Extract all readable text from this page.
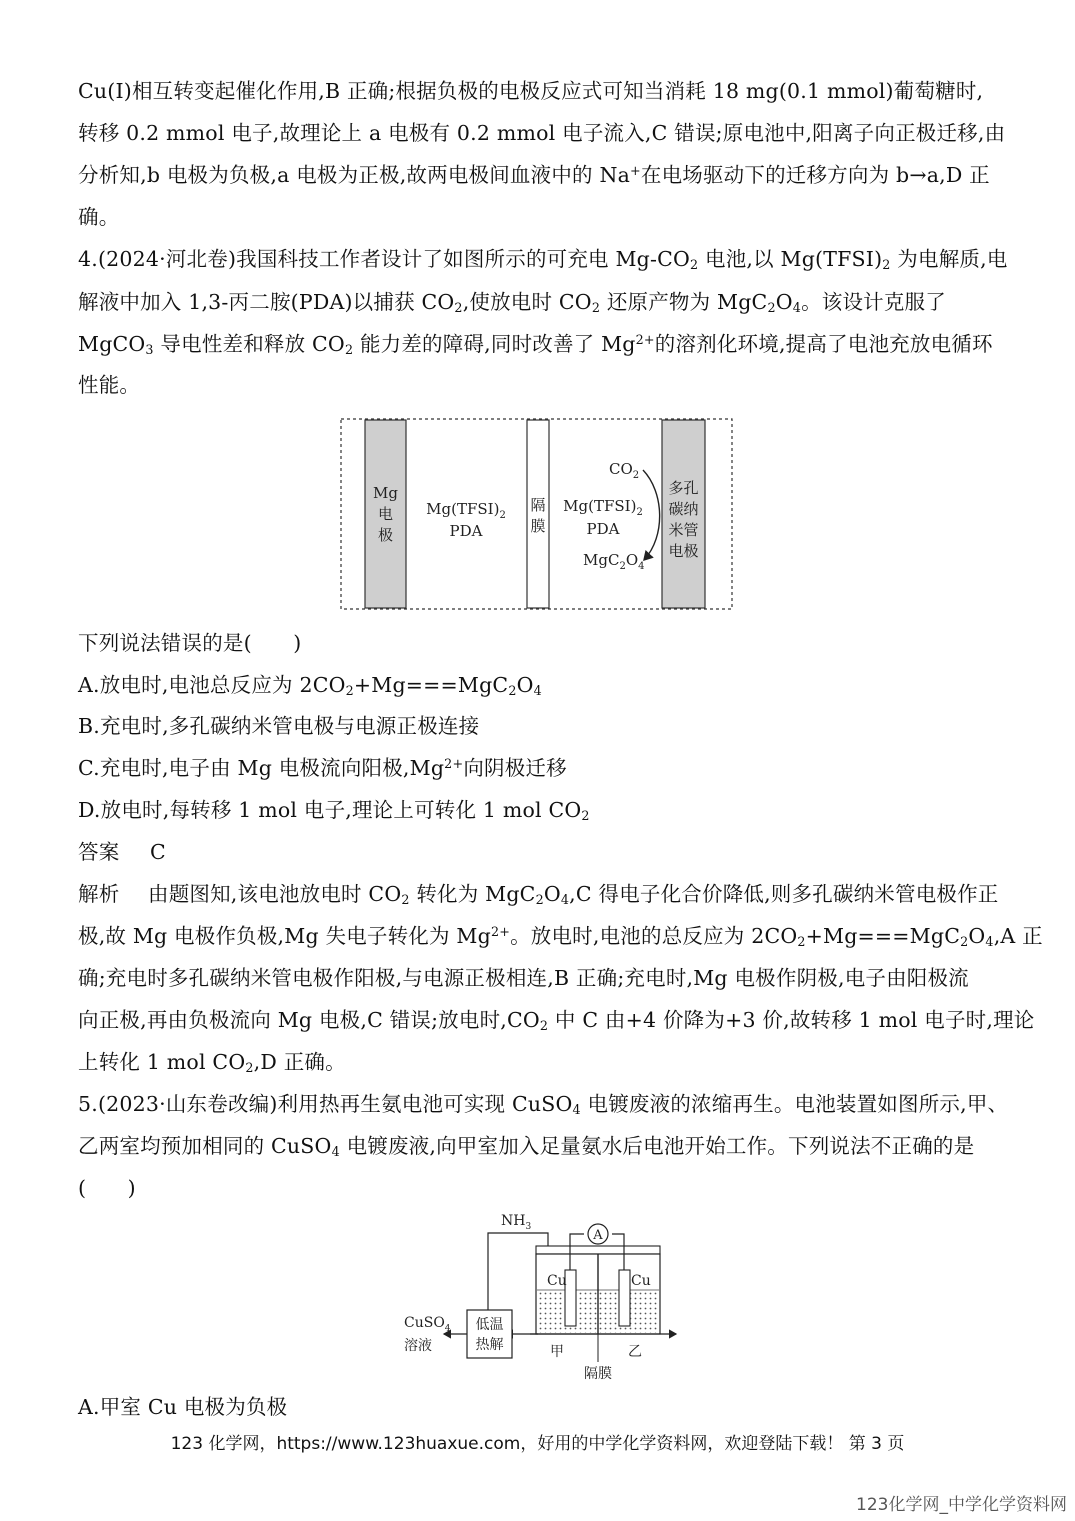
Cu(Ⅰ)相互转变起催化作用,B 正确;根据负极的电极反应式可知当消耗 18 mg(0.1 mmol)葡萄糖时,
转移 0.2 mmol 电子,故理论上 a 电极有 0.2 mmol 电子流入,C 错误;原电池中,阳离子向正极迁移,由
分析知,b 电极为负极,a 电极为正极,故两电极间血液中的 Na+在电场驱动下的迁移方向为 b→a,D 正
确。
4.(2024·河北卷)我国科技工作者设计了如图所示的可充电 $Mg-CO_2$ 电池,以 $Mg(TFSI)_2$ 为电解质,电
解液中加入 1,3-丙二胺(PDA)以捕获 $CO_2$,使放电时 $CO_2$ 还原产物为 $MgC_2O_4$。该设计克服了
MgCO$_3$ 导电性差和释放 $CO_2$ 能力差的障碍,同时改善了 $Mg^{2+}$的溶剂化环境,提高了电池充放电循环
性能。
Mg
电
极
$Mg(TFSI)_2$
PDA
隔
膜
$Mg(TFSI)_2$
PDA
$CO_2$
$MgC_2O_4$
多孔
碳纳
米管
电极
下列说法错误的是(　　)
A.放电时,电池总反应为 $2CO_2+Mg===MgC_2O_4$
B.充电时,多孔碳纳米管电极与电源正极连接
C.充电时,电子由 Mg 电极流向阳极$,Mg^{2+}$向阴极迁移
D.放电时,每转移 1 mol 电子,理论上可转化 1 mol $CO_2$
答案 C
解析 由题图知,该电池放电时 $CO_2$ 转化为 $MgC_2O_4,C$ 得电子化合价降低,则多孔碳纳米管电极作正
极,故 Mg 电极作负极,Mg 失电子转化为 $Mg^{2+}$。放电时,电池的总反应为 $2CO_2+Mg===MgC_2O_4,A$ 正
确;充电时多孔碳纳米管电极作阳极,与电源正极相连,B 正确;充电时,Mg 电极作阴极,电子由阳极流
向正极,再由负极流向 Mg 电极,C 错误;放电时$,CO_2$ 中 C 由+4 价降为+3 价,故转移 1 mol 电子时,理论
上转化 1 mol $CO_2,D$ 正确。
5.(2023·山东卷改编)利用热再生氨电池可实现 CuSO$_4$ 电镀废液的浓缩再生。电池装置如图所示,甲、
乙两室均预加相同的 CuSO$_4$ 电镀废液,向甲室加入足量氨水后电池开始工作。下列说法不正确的是
(　　)
$NH_3$
A
Cu	Cu
低温
热解
CuSO$_4$
溶液	甲	乙
隔膜
A.甲室 Cu 电极为负极
123 化学网，https://www.123huaxue.com，好用的中学化学资料网，欢迎登陆下载！ 第 3 页
123化学网_中学化学资料网
